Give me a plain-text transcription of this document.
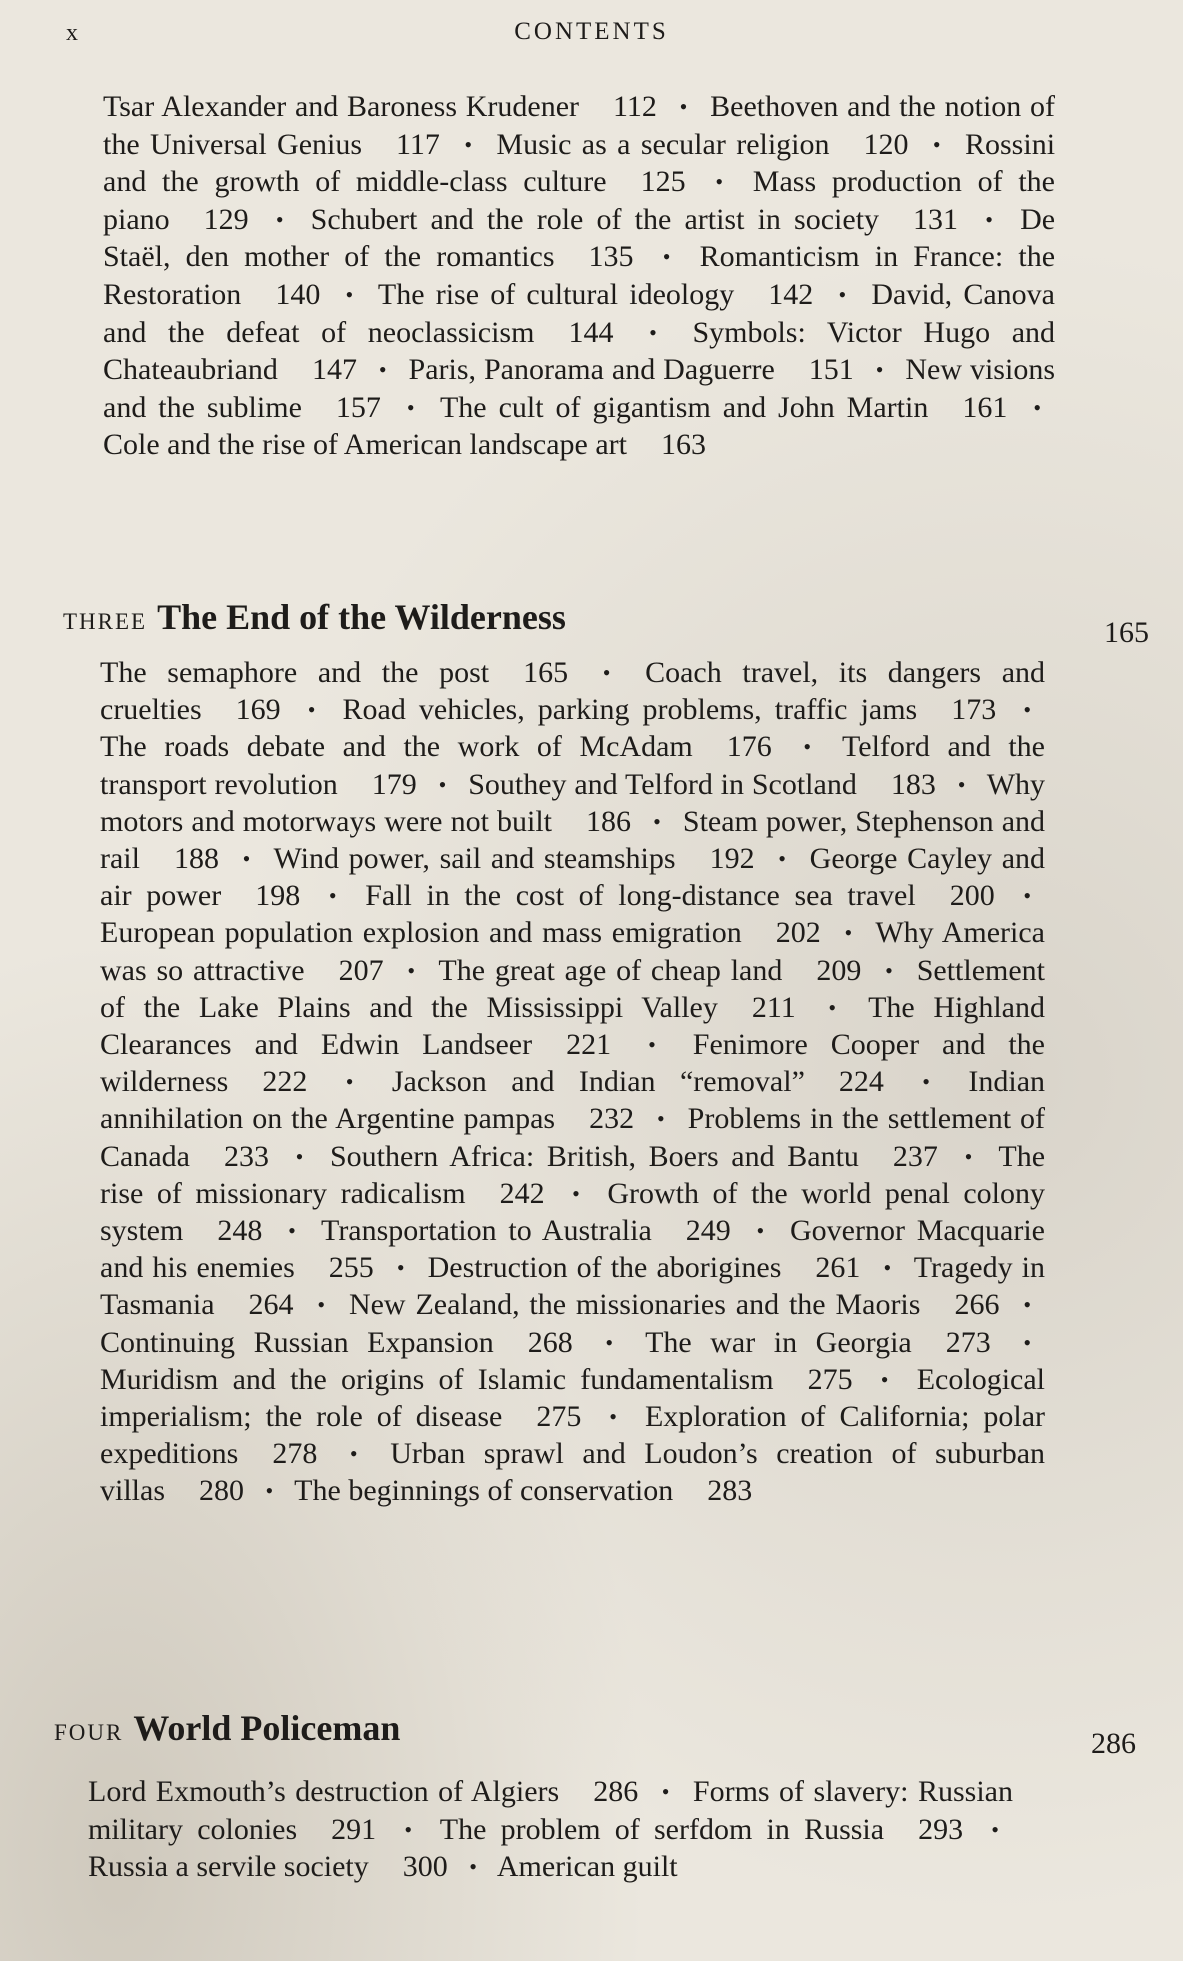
x	CONTENTS
Tsar Alexander and Baroness Krudener  112 • Beethoven and the notion of the Universal Genius  117 • Music as a secular religion  120 • Rossini and the growth of middle-class culture  125 • Mass production of the piano  129 • Schubert and the role of the artist in society  131 • De Staël, den mother of the romantics  135 • Romanticism in France: the Restoration  140 • The rise of cultural ideology  142 • David, Canova and the defeat of neoclassicism  144 • Symbols: Victor Hugo and Chateaubriand  147 • Paris, Panorama and Daguerre  151 • New visions and the sublime  157 • The cult of gigantism and John Martin  161 • Cole and the rise of American landscape art  163
THREE The End of the Wilderness	165
The semaphore and the post  165 • Coach travel, its dangers and cruelties  169 • Road vehicles, parking problems, traffic jams  173 • The roads debate and the work of McAdam  176 • Telford and the transport revolution  179 • Southey and Telford in Scotland  183 • Why motors and motorways were not built  186 • Steam power, Stephenson and rail  188 • Wind power, sail and steamships  192 • George Cayley and air power  198 • Fall in the cost of long-distance sea travel  200 • European population explosion and mass emigration  202 • Why America was so attractive  207 • The great age of cheap land  209 • Settlement of the Lake Plains and the Mississippi Valley  211 • The Highland Clearances and Edwin Landseer  221 • Fenimore Cooper and the wilderness  222 • Jackson and Indian “removal”  224 • Indian annihilation on the Argentine pampas  232 • Problems in the settlement of Canada  233 • Southern Africa: British, Boers and Bantu  237 • The rise of missionary radicalism  242 • Growth of the world penal colony system  248 • Transportation to Australia  249 • Governor Macquarie and his enemies  255 • Destruction of the aborigines  261 • Tragedy in Tasmania  264 • New Zealand, the missionaries and the Maoris  266 • Continuing Russian Expansion  268 • The war in Georgia  273 • Muridism and the origins of Islamic fundamentalism  275 • Ecological imperialism; the role of disease  275 • Exploration of California; polar expeditions  278 • Urban sprawl and Loudon’s creation of suburban villas  280 • The beginnings of conservation  283
FOUR World Policeman	286
Lord Exmouth’s destruction of Algiers  286 • Forms of slavery: Russian military colonies  291 • The problem of serfdom in Russia  293 • Russia a servile society  300 • American guilt
